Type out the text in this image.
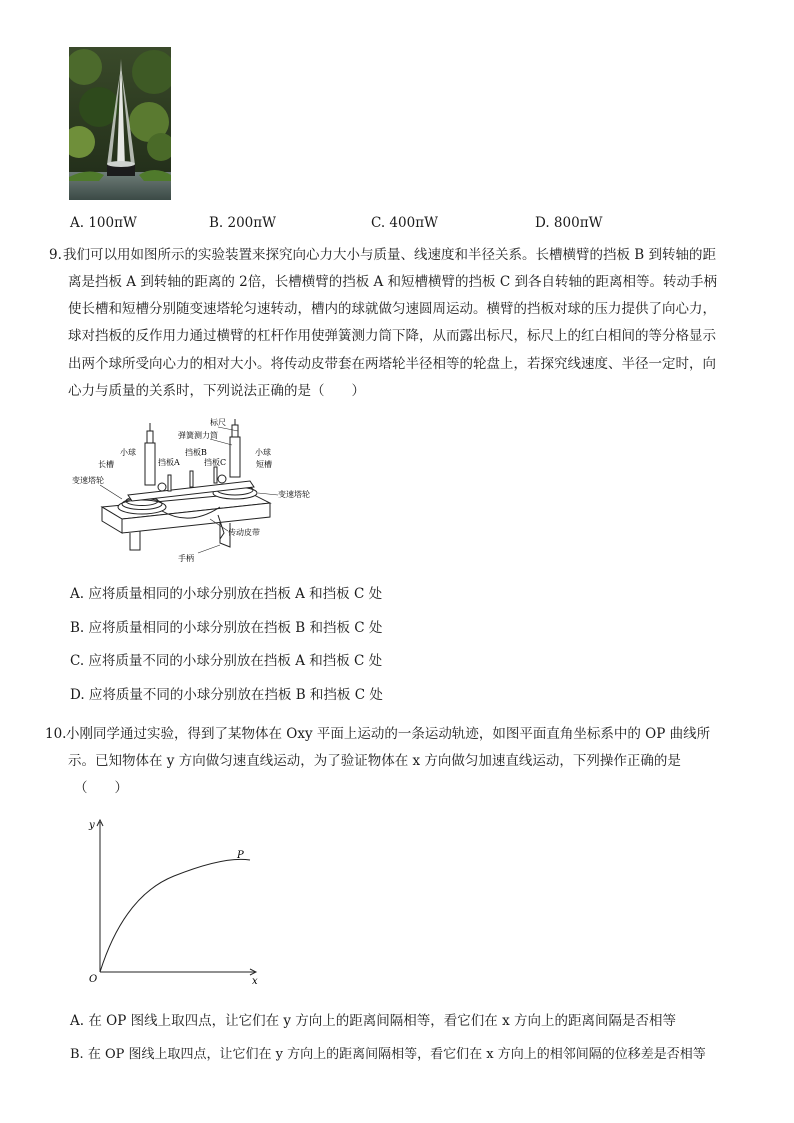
A. 100πW	B. 200πW	C. 400πW	D. 800πW
9. 我们可以用如图所示的实验装置来探究向心力大小与质量、线速度和半径关系。长槽横臂的挡板 B 到转轴的距
离是挡板 A 到转轴的距离的 2倍，长槽横臂的挡板 A 和短槽横臂的挡板 C 到各自转轴的距离相等。转动手柄
使长槽和短槽分别随变速塔轮匀速转动，槽内的球就做匀速圆周运动。横臂的挡板对球的压力提供了向心力，
球对挡板的反作用力通过横臂的杠杆作用使弹簧测力筒下降，从而露出标尺，标尺上的红白相间的等分格显示
出两个球所受向心力的相对大小。将传动皮带套在两塔轮半径相等的轮盘上，若探究线速度、半径一定时，向
心力与质量的关系时，下列说法正确的是（　　）
标尺
弹簧测力筒
小球	小球
挡板B
挡板A	挡板C
长槽	短槽
变速塔轮
变速塔轮
传动皮带
手柄
A. 应将质量相同的小球分别放在挡板 A 和挡板 C 处
B. 应将质量相同的小球分别放在挡板 B 和挡板 C 处
C. 应将质量不同的小球分别放在挡板 A 和挡板 C 处
D. 应将质量不同的小球分别放在挡板 B 和挡板 C 处
10. 小刚同学通过实验，得到了某物体在 Oxy 平面上运动的一条运动轨迹，如图平面直角坐标系中的 OP 曲线所
示。已知物体在 y 方向做匀速直线运动，为了验证物体在 x 方向做匀加速直线运动，下列操作正确的是
（　　）
y
x
O
P
A. 在 OP 图线上取四点，让它们在 y 方向上的距离间隔相等，看它们在 x 方向上的距离间隔是否相等
B. 在 OP 图线上取四点，让它们在 y 方向上的距离间隔相等，看它们在 x 方向上的相邻间隔的位移差是否相等
